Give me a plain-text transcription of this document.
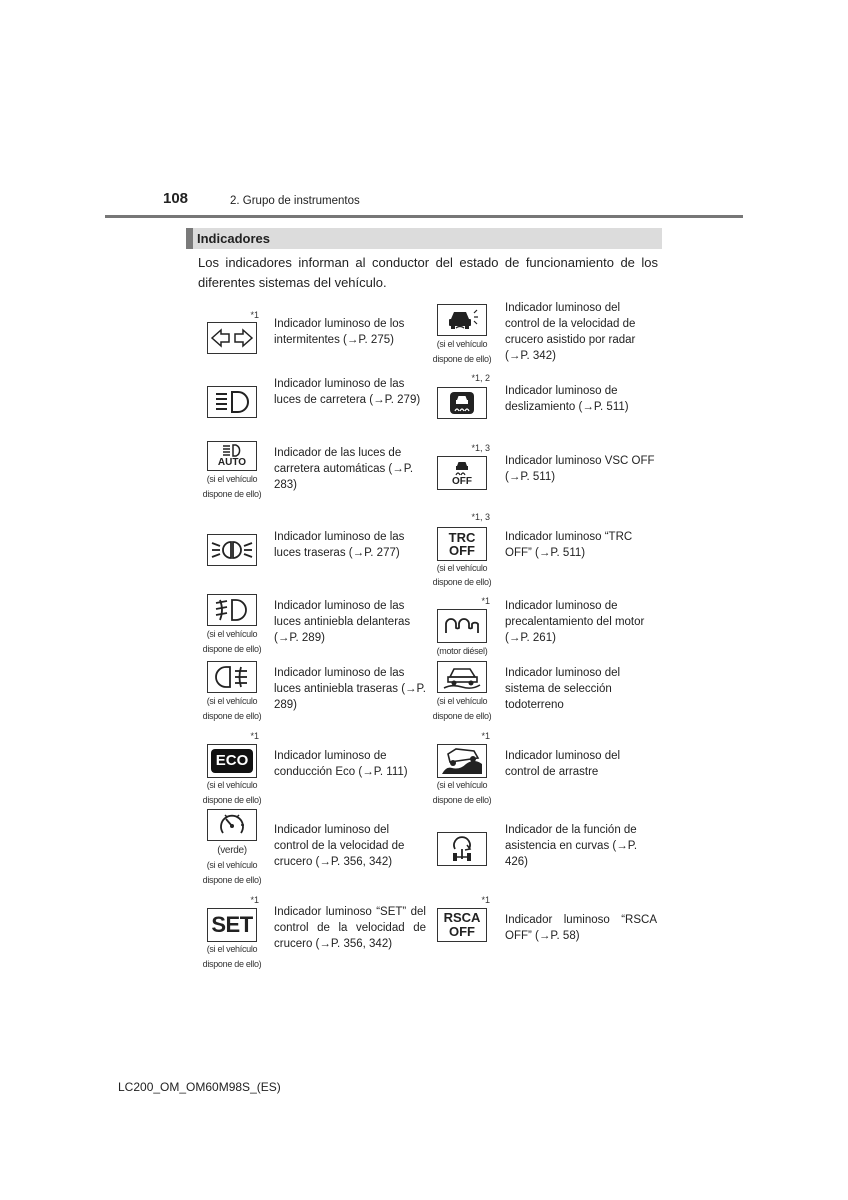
108	2. Grupo de instrumentos
Indicadores
Los indicadores informan al conductor del estado de funcionamiento de los diferentes sistemas del vehículo.
*1
Indicador luminoso de los intermitentes (→P. 275)
Indicador luminoso de las luces de carretera (→P. 279)
AUTO
(si el vehículo
dispone de ello)
Indicador de las luces de carretera automáticas (→P. 283)
Indicador luminoso de las luces traseras (→P. 277)
(si el vehículo
dispone de ello)
Indicador luminoso de las luces antiniebla delanteras (→P. 289)
(si el vehículo
dispone de ello)
Indicador luminoso de las luces antiniebla traseras (→P. 289)
*1
ECO
(si el vehículo
dispone de ello)
Indicador luminoso de conducción Eco (→P. 111)
(verde)
(si el vehículo
dispone de ello)
Indicador luminoso del control de la velocidad de crucero (→P. 356, 342)
*1
SET
(si el vehículo
dispone de ello)
Indicador luminoso “SET” del control de la velocidad de crucero (→P. 356, 342)
(si el vehículo
dispone de ello)
Indicador luminoso del control de la velocidad de crucero asistido por radar (→P. 342)
*1, 2
Indicador luminoso de deslizamiento (→P. 511)
*1, 3
OFF
Indicador luminoso VSC OFF (→P. 511)
*1, 3
TRC
OFF
(si el vehículo
dispone de ello)
Indicador luminoso “TRC OFF” (→P. 511)
*1
(motor diésel)
Indicador luminoso de precalentamiento del motor (→P. 261)
(si el vehículo
dispone de ello)
Indicador luminoso del sistema de selección todoterreno
*1
(si el vehículo
dispone de ello)
Indicador luminoso del control de arrastre
Indicador de la función de asistencia en curvas (→P. 426)
*1
RSCA
OFF
Indicador luminoso “RSCA OFF” (→P. 58)
LC200_OM_OM60M98S_(ES)
